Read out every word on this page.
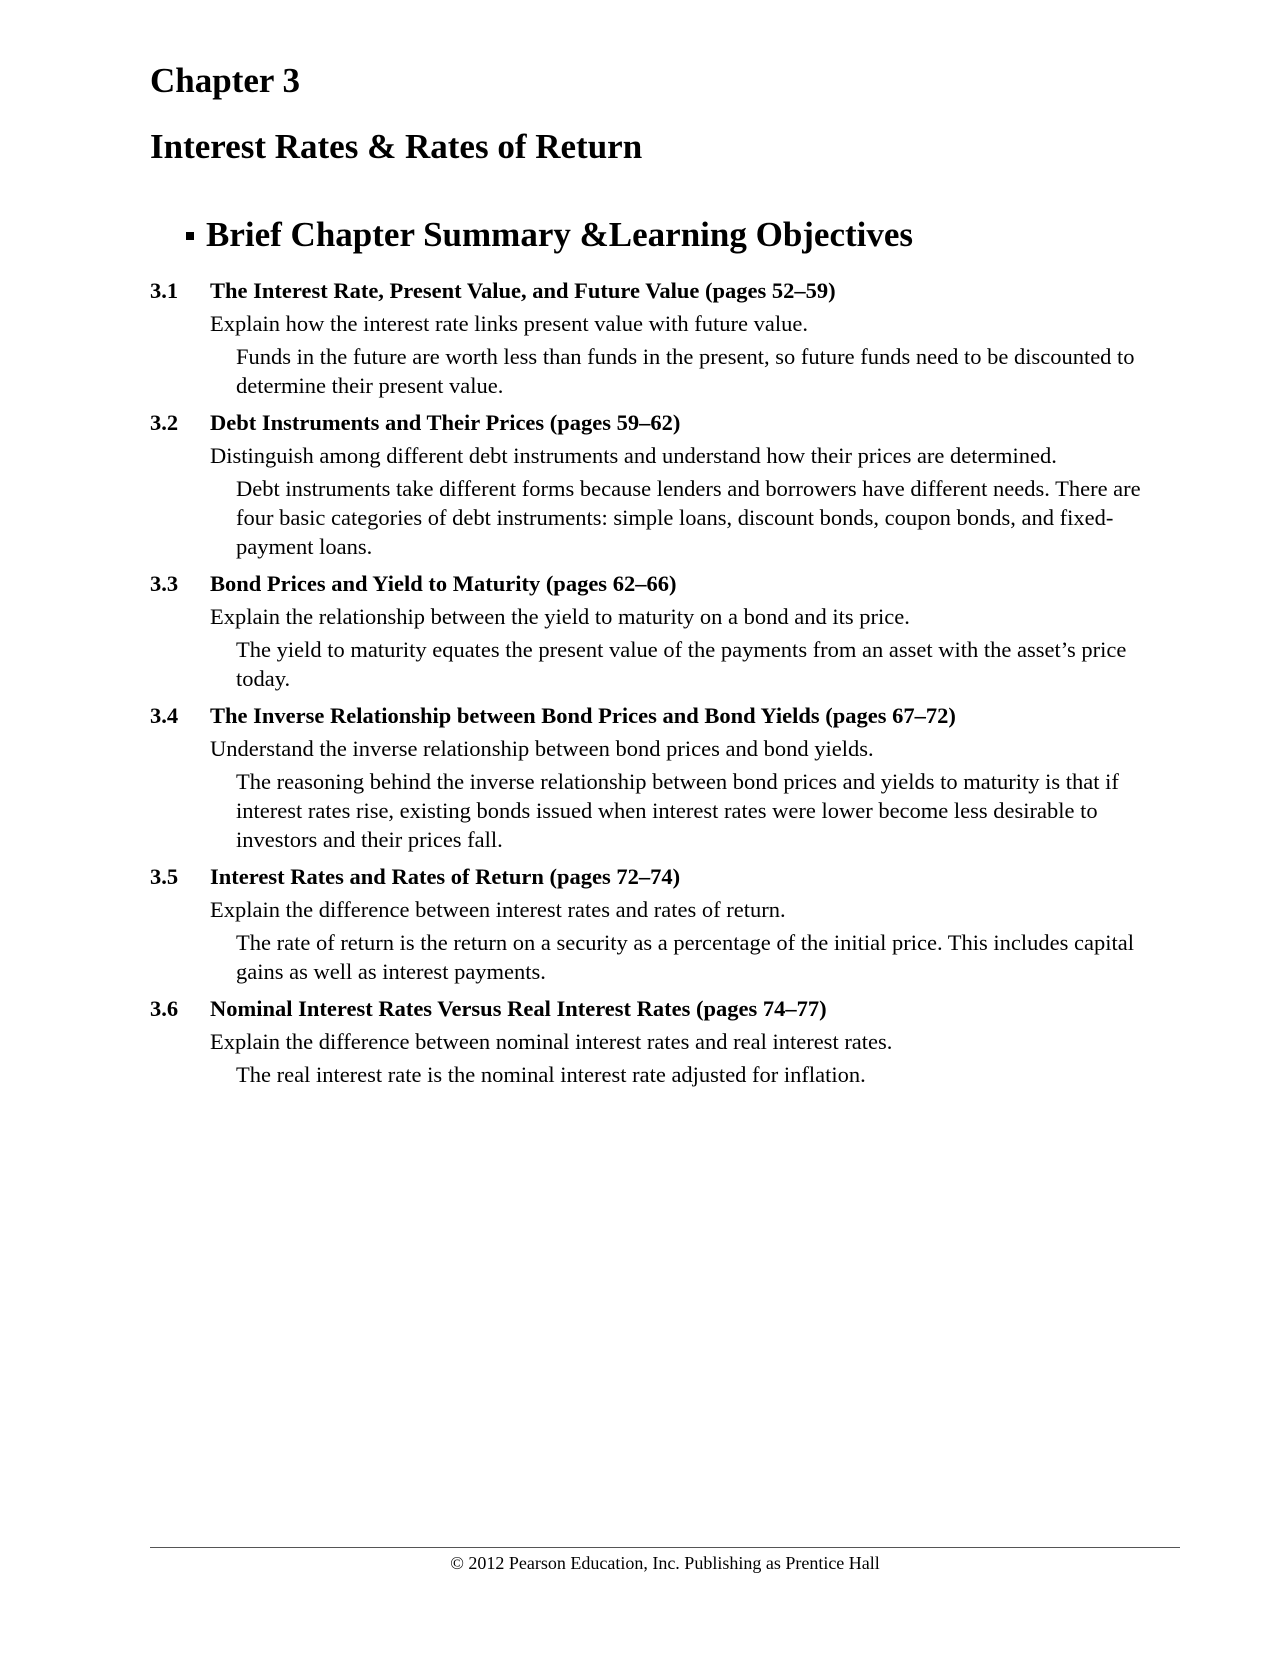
Chapter 3
Interest Rates & Rates of Return
Brief Chapter Summary &Learning Objectives
3.1	The Interest Rate, Present Value, and Future Value (pages 52–59)
Explain how the interest rate links present value with future value.
Funds in the future are worth less than funds in the present, so future funds need to be discounted to determine their present value.
3.2	Debt Instruments and Their Prices (pages 59–62)
Distinguish among different debt instruments and understand how their prices are determined.
Debt instruments take different forms because lenders and borrowers have different needs. There are four basic categories of debt instruments: simple loans, discount bonds, coupon bonds, and fixed-payment loans.
3.3	Bond Prices and Yield to Maturity (pages 62–66)
Explain the relationship between the yield to maturity on a bond and its price.
The yield to maturity equates the present value of the payments from an asset with the asset’s price today.
3.4	The Inverse Relationship between Bond Prices and Bond Yields (pages 67–72)
Understand the inverse relationship between bond prices and bond yields.
The reasoning behind the inverse relationship between bond prices and yields to maturity is that if interest rates rise, existing bonds issued when interest rates were lower become less desirable to investors and their prices fall.
3.5	Interest Rates and Rates of Return (pages 72–74)
Explain the difference between interest rates and rates of return.
The rate of return is the return on a security as a percentage of the initial price. This includes capital gains as well as interest payments.
3.6	Nominal Interest Rates Versus Real Interest Rates (pages 74–77)
Explain the difference between nominal interest rates and real interest rates.
The real interest rate is the nominal interest rate adjusted for inflation.
© 2012 Pearson Education, Inc. Publishing as Prentice Hall
